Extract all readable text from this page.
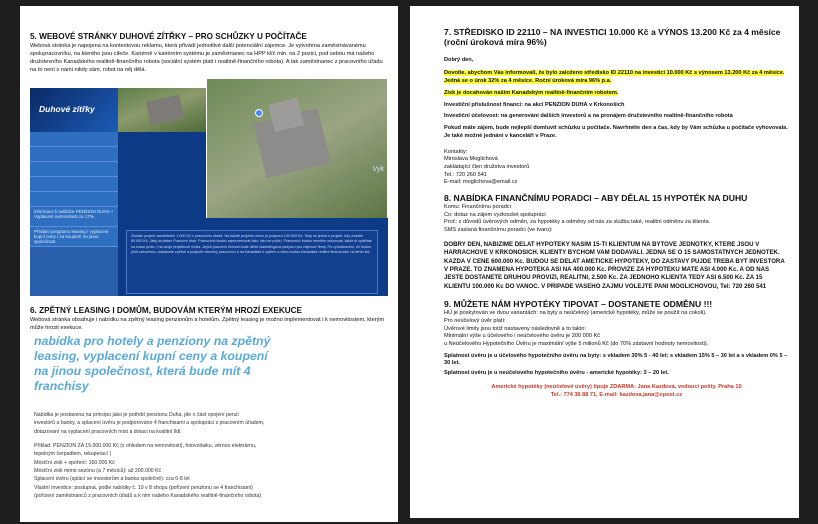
5. WEBOVÉ STRÁNKY DUHOVÉ ZÍTŘKY – PRO SCHŮZKY U POČÍTAČE
Webová stránka je napojena na kontextovou reklamu, která přivádí jednotlivé další potenciální zájemce. Je vytvořena zaměstnávanému spolupracovníku, na kterého jsou cíleče. Kariérně v kariérním systému je zaměstnanec na HPP klíč min. na 2 pozici, pod sebou má našeho družstevního Kanadského realitně-finančního robota (sociální systém platí i realitně-finančního robota). A tak zaměstnanec z pracovního úřadu na to není s námi nikdy sám, robot na něj dělá.
Duhové zítřky
informace k nabídce PENZION DUHA + Vyplacení nemovitosti za 17%
Předání programu leasing / vyplacení kupní ceny / za koupení na jinou společnost
Vyk
Získáte projekt zaměstnání 1.000 Kč v pracovním úřadě. Na každé projektu mimo je podpora 100.000 Kč. Tady se jedná o projekt, kdy získáte 60.000 Kč. Jaký družstev Pracovní úřad. Pracovníci budou reprezentovat dalo, tato se počtu. Pracovníci budou mezitím oslovovat, takže si vyděláte na mase proto, i na svoje projektové místa. Jejich pracovní činnost bude dělat marketingová podporu pro zájemce firmy. Po vyhodnocení, že budou plnit oslovenou, dostanete zpětné a podpořit všechny pracovníci a na Kanadské k vytření a nebo budou Kanadské realitní financování na tento lidí.
6. ZPĚTNÝ LEASING I DOMŮM, BUDOVÁM KTERÝM HROZÍ EXEKUCE
Webová stránka obsahuje i nabídku na zpětný leasing penzionům a hotelům. Zpětný leasing je možno implementovat i k nemovitostem, kterým může hrozit exekuce.
nabídka pro hotely a penziony na zpětný leasing, vyplacení kupní ceny a koupení na jinou společnost, která bude mít 4 franchisy
Nabídka je postavena na principu jako je potřebí penzionu Duha, jde o část spojení penzí
investorů a banky, a splacení úvěru je podporováno 4 franchisami a spolupráci s pracovním úřadem,
dotazovaní na vyplacení pracovních míst a dotaci na kvalitní lidi.
Příklad: PENZION ZA 15.000.000 Kč (s ohledem na nemovitosti), fotovoltaiku, věrnou elektrárnu,
tepelným čerpadlem, rekuperací )
Měsíční zisk + spoření: 160.000 Kč
Měsíční zisk mimo sezónu (a 7 měsíců): až 200.000 Kč
Splacení úvěru (splácí se investorům a banka společně): cca 6-8 let
Vlastní investice: postupná, podle nabídky č. 10 v 8 shopu (pořízení penzionu se 4 franchisami)
(pořízení zaměstnanců z pracovních úřadů a k nim našeho Kanadského realitně-finančního robota)
7. STŘEDISKO ID 22110 – NA INVESTICI 10.000 Kč a VÝNOS 13.200 Kč za 4 měsíce (roční úroková míra 96%)
Dobrý den,
Dovolte, abychom Vás informovali, že bylo založeno středisko ID 22110 na investici 10.000 Kč s výnosem 13.200 Kč za 4 měsíce. Jedná se o úrok 32% za 4 měsíce. Roční úroková míra 96% p.a.
Zisk je docahován našim Kanadským realitně-finančním robotem.
Investiční příslušnost financi: na akci PENZION DUHA v Krkonoších
Investiční účelovost: na generování dalších investorů a na pronájem družstevního realitně-finančního robota
Pokud máte zájem, bude nejlepší domluvit schůzku u počítače. Navrhněte den a čas, kdy by Vám schůzka u počítače vyhovovala. Je také možné jednání v kanceláři v Praze.
Kontakty:
Miroslava Moglichová
zakládající člen družstva investorů
Tel.: 720 260 541
E-mail: moglichova@email.cz
8. NABÍDKA FINANČNÍMU PORADCI – ABY DĚLAL 15 HYPOTÉK NA DUHU
Komu: Finančnímu poradci
Co: dotaz na zájem vyzkoušet spolupráci
Proč: z důvodů úvěrových odměn, za hypotéky a odměny od nás za službu také, realitní odměnu za klienta.
SMS zaslaná finančnímu poradci (ve tvaru):
DOBRY DEN, NABIZIME DELAT HYPOTEKY NASIM 15-TI KLIENTUM NA BYTOVE JEDNOTKY, KTERE JSOU V HARRACHOVE V KRKONOSICH. KLIENTY BYCHOM VAM DODAVALI. JEDNA SE O 15 SAMOSTATNYCH JEDNOTEK. KAZDA V CENE 600.000 Kc. BUDOU SE DELAT AMETICKE HYPOTEKY, DO ZASTAVY PUJDE TREBA BYT INVESTORA V PRAZE. TO ZNAMENA HYPOTEKA ASI NA 400.000 Kc. PROVIZE ZA HYPOTEKU MATE ASI 4.000 Kc. A OD NAS JESTE DOSTANETE DRUHOU PROVIZI, REALITNI, 2.500 Kc. ZA JEDNOHO KLIENTA TEDY ASI 6.500 Kc. ZA 15 KLIENTU 100.000 Kc DO VANOC. V PRIPADE VASEHO ZAJMU VOLEJTE PANI MOGLICHOVOU, Tel: 720 260 541
9. MŮŽETE NÁM HYPOTÉKY TIPOVAT – DOSTANETE ODMĚNU !!!
HÚ je poskytován ve dvou variantách: na byty a neúčelový (americké hypotéky, může se použít na cokoli).
Pro neúčelový úvěr platí:
Úvěrové limity jsou totiž nastaveny následovně a to takto:
Minimální výše u účelového i neúčelového úvěru je 200 000 Kč
u Neúčelového Hypotečního Úvěru je maximální výše 5 milionů Kč (do 70% zástavní hodnoty nemovitosti).
Splatnost úvěru je u účelového hypotečního úvěru na byty: s vkladem 30% 5 - 40 let; s vkladem 15% 5 – 30 let a s vkladem 0% 5 – 30 let.
Splatnost úvěru je u neúčelového hypotečního úvěru - americké hypotéky: 3 – 20 let.
Americké hypotéky (neúčelové úvěry) tipuje ZDARMA: Jana Kazdová, vedoucí pošty, Praha 10
Tel.: 774 36 88 71, E-mail: kazdova.jana@cpost.cz
